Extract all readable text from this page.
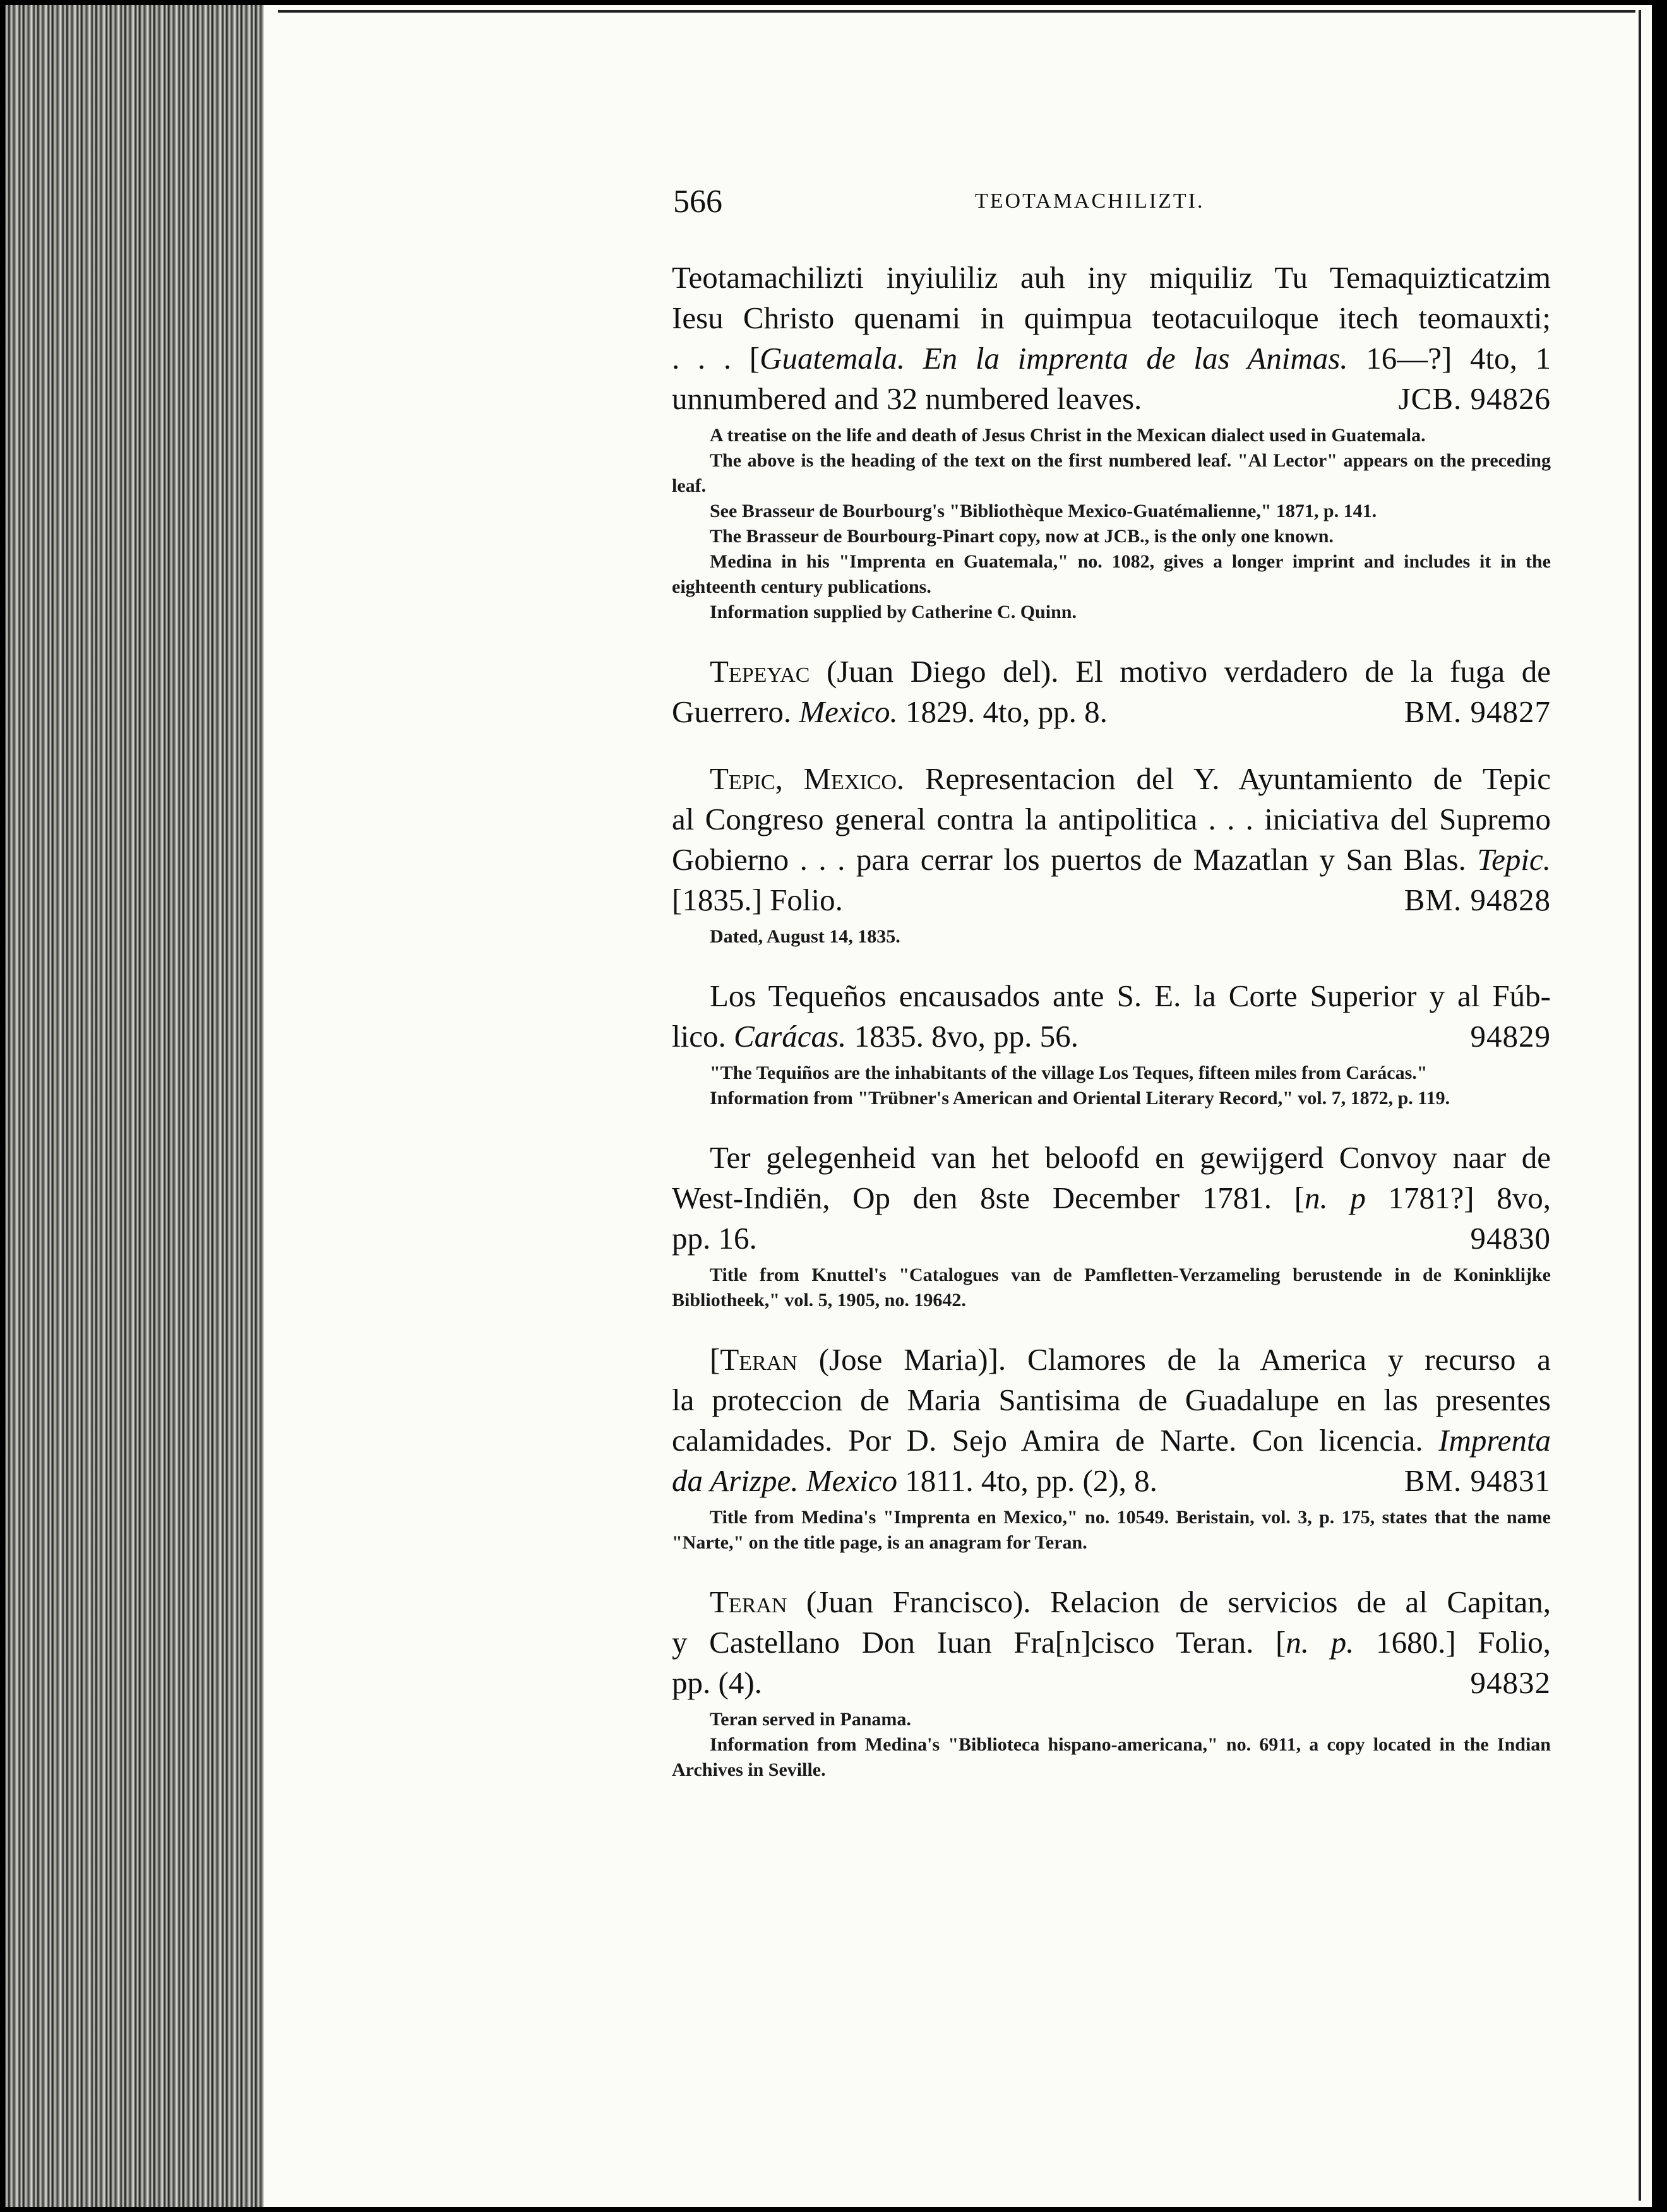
566	TEOTAMACHILIZTI.
Teotamachilizti inyiuliliz auh iny miquiliz Tu Temaquizticatzim
Iesu Christo quenami in quimpua teotacuiloque itech teomauxti;
. . . [Guatemala. En la imprenta de las Animas. 16—?] 4to, 1
unnumbered and 32 numbered leaves.	JCB. 94826
A treatise on the life and death of Jesus Christ in the Mexican dialect used in Guatemala.
The above is the heading of the text on the first numbered leaf. "Al Lector" appears on the preceding leaf.
See Brasseur de Bourbourg's "Bibliothèque Mexico-Guatémalienne," 1871, p. 141.
The Brasseur de Bourbourg-Pinart copy, now at JCB., is the only one known.
Medina in his "Imprenta en Guatemala," no. 1082, gives a longer imprint and includes it in the eighteenth century publications.
Information supplied by Catherine C. Quinn.
Tepeyac (Juan Diego del). El motivo verdadero de la fuga de
Guerrero. Mexico. 1829. 4to, pp. 8.	BM. 94827
Tepic, Mexico. Representacion del Y. Ayuntamiento de Tepic
al Congreso general contra la antipolitica . . . iniciativa del Supremo
Gobierno . . . para cerrar los puertos de Mazatlan y San Blas. Tepic.
[1835.] Folio.	BM. 94828
Dated, August 14, 1835.
Los Tequeños encausados ante S. E. la Corte Superior y al Fúb-
lico. Carácas. 1835. 8vo, pp. 56.	94829
"The Tequiños are the inhabitants of the village Los Teques, fifteen miles from Carácas."
Information from "Trübner's American and Oriental Literary Record," vol. 7, 1872, p. 119.
Ter gelegenheid van het beloofd en gewijgerd Convoy naar de
West-Indiën, Op den 8ste December 1781. [n. p 1781?] 8vo,
pp. 16.	94830
Title from Knuttel's "Catalogues van de Pamfletten-Verzameling berustende in de Koninklijke Bibliotheek," vol. 5, 1905, no. 19642.
[Teran (Jose Maria)]. Clamores de la America y recurso a
la proteccion de Maria Santisima de Guadalupe en las presentes
calamidades. Por D. Sejo Amira de Narte. Con licencia. Imprenta
da Arizpe. Mexico 1811. 4to, pp. (2), 8.	BM. 94831
Title from Medina's "Imprenta en Mexico," no. 10549. Beristain, vol. 3, p. 175, states that the name "Narte," on the title page, is an anagram for Teran.
Teran (Juan Francisco). Relacion de servicios de al Capitan,
y Castellano Don Iuan Fra[n]cisco Teran. [n. p. 1680.] Folio,
pp. (4).	94832
Teran served in Panama.
Information from Medina's "Biblioteca hispano-americana," no. 6911, a copy located in the Indian Archives in Seville.
